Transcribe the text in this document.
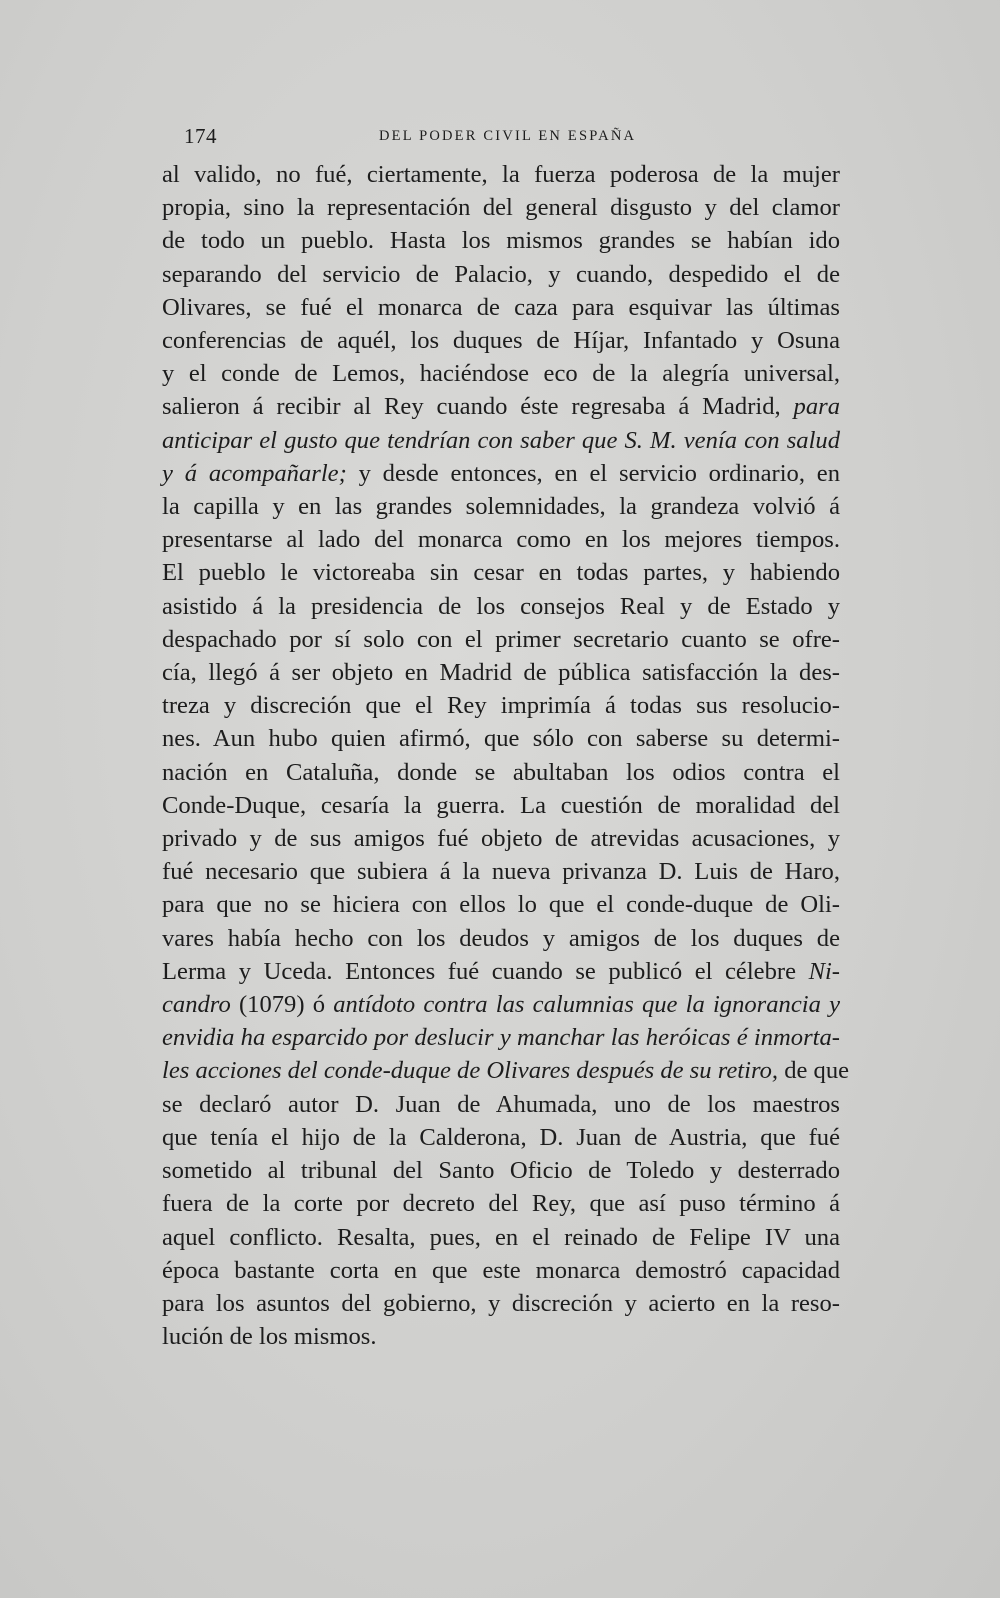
174	DEL PODER CIVIL EN ESPAÑA
al valido, no fué, ciertamente, la fuerza poderosa de la mujer
propia, sino la representación del general disgusto y del clamor
de todo un pueblo. Hasta los mismos grandes se habían ido
separando del servicio de Palacio, y cuando, despedido el de
Olivares, se fué el monarca de caza para esquivar las últimas
conferencias de aquél, los duques de Híjar, Infantado y Osuna
y el conde de Lemos, haciéndose eco de la alegría universal,
salieron á recibir al Rey cuando éste regresaba á Madrid, para
anticipar el gusto que tendrían con saber que S. M. venía con salud
y á acompañarle; y desde entonces, en el servicio ordinario, en
la capilla y en las grandes solemnidades, la grandeza volvió á
presentarse al lado del monarca como en los mejores tiempos.
El pueblo le victoreaba sin cesar en todas partes, y habiendo
asistido á la presidencia de los consejos Real y de Estado y
despachado por sí solo con el primer secretario cuanto se ofre-
cía, llegó á ser objeto en Madrid de pública satisfacción la des-
treza y discreción que el Rey imprimía á todas sus resolucio-
nes. Aun hubo quien afirmó, que sólo con saberse su determi-
nación en Cataluña, donde se abultaban los odios contra el
Conde-Duque, cesaría la guerra. La cuestión de moralidad del
privado y de sus amigos fué objeto de atrevidas acusaciones, y
fué necesario que subiera á la nueva privanza D. Luis de Haro,
para que no se hiciera con ellos lo que el conde-duque de Oli-
vares había hecho con los deudos y amigos de los duques de
Lerma y Uceda. Entonces fué cuando se publicó el célebre Ni-
candro (1079) ó antídoto contra las calumnias que la ignorancia y
envidia ha esparcido por deslucir y manchar las heróicas é inmorta-
les acciones del conde-duque de Olivares después de su retiro, de que
se declaró autor D. Juan de Ahumada, uno de los maestros
que tenía el hijo de la Calderona, D. Juan de Austria, que fué
sometido al tribunal del Santo Oficio de Toledo y desterrado
fuera de la corte por decreto del Rey, que así puso término á
aquel conflicto. Resalta, pues, en el reinado de Felipe IV una
época bastante corta en que este monarca demostró capacidad
para los asuntos del gobierno, y discreción y acierto en la reso-
lución de los mismos.
